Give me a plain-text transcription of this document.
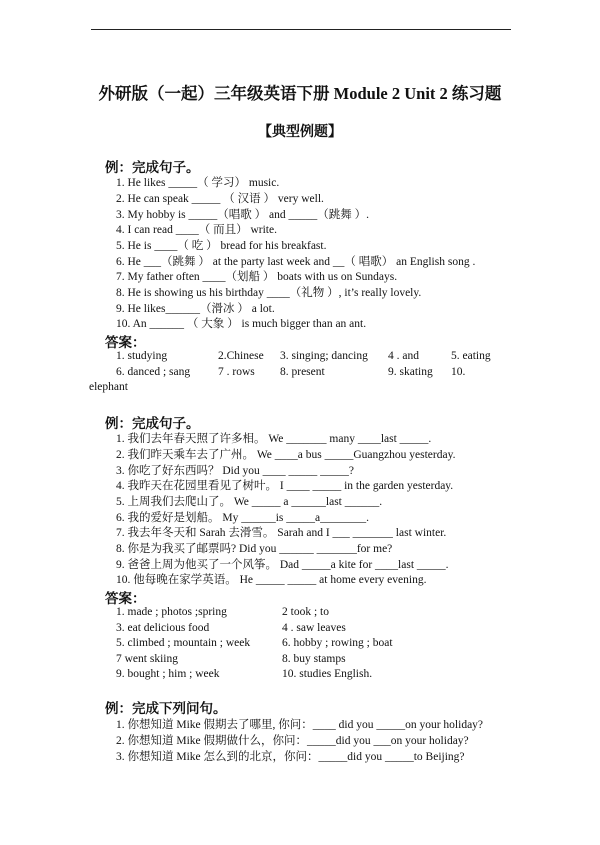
外研版（一起）三年级英语下册 Module 2 Unit 2 练习题
【典型例题】
例：完成句子。
1. He likes _____（ 学习） music.
2. He can speak _____ （ 汉语 ） very well.
3. My hobby is _____（唱歌 ） and _____（跳舞 ）.
4. I can read ____（ 而且） write.
5. He is ____（ 吃 ） bread for his breakfast.
6. He ___（跳舞 ） at the party last week and __（ 唱歌） an English song .
7. My father often ____（划船 ） boats with us on Sundays.
8. He is showing us his birthday ____（礼物 ）, it’s really lovely.
9. He likes______（滑冰 ） a lot.
10. An ______ （ 大象 ） is much bigger than an ant.
答案：
1. studying	2.Chinese 3. singing; dancing 4 . and	5. eating
6. danced ; sang 7 . rows 8. present	9. skating 10.
elephant
例：完成句子。
1. 我们去年春天照了许多相。 We _______ many ____last _____.
2. 我们昨天乘车去了广州。 We ____a bus _____Guangzhou yesterday.
3. 你吃了好东西吗？ Did you ____ _____ _____?
4. 我昨天在花园里看见了树叶。 I ____ _____ in the garden yesterday.
5. 上周我们去爬山了。 We _____ a ______last ______.
6. 我的爱好是划船。 My ______is _____a________.
7. 我去年冬天和 Sarah 去滑雪。 Sarah and I ___ _______ last winter.
8. 你是为我买了邮票吗? Did you ______ _______for me?
9. 爸爸上周为他买了一个风筝。 Dad _____a kite for ____last _____.
10. 他每晚在家学英语。 He _____ _____ at home every evening.
答案：
1. made ; photos ;spring	2 took ; to
3. eat delicious food	4 . saw leaves
5. climbed ; mountain ; week	6. hobby ; rowing ; boat
7 went skiing	8. buy stamps
9. bought ; him ; week	10. studies English.
例：完成下列问句。
1. 你想知道 Mike 假期去了哪里, 你问：____ did you _____on your holiday?
2. 你想知道 Mike 假期做什么，你问：_____did you ___on your holiday?
3. 你想知道 Mike 怎么到的北京，你问：_____did you _____to Beijing?
